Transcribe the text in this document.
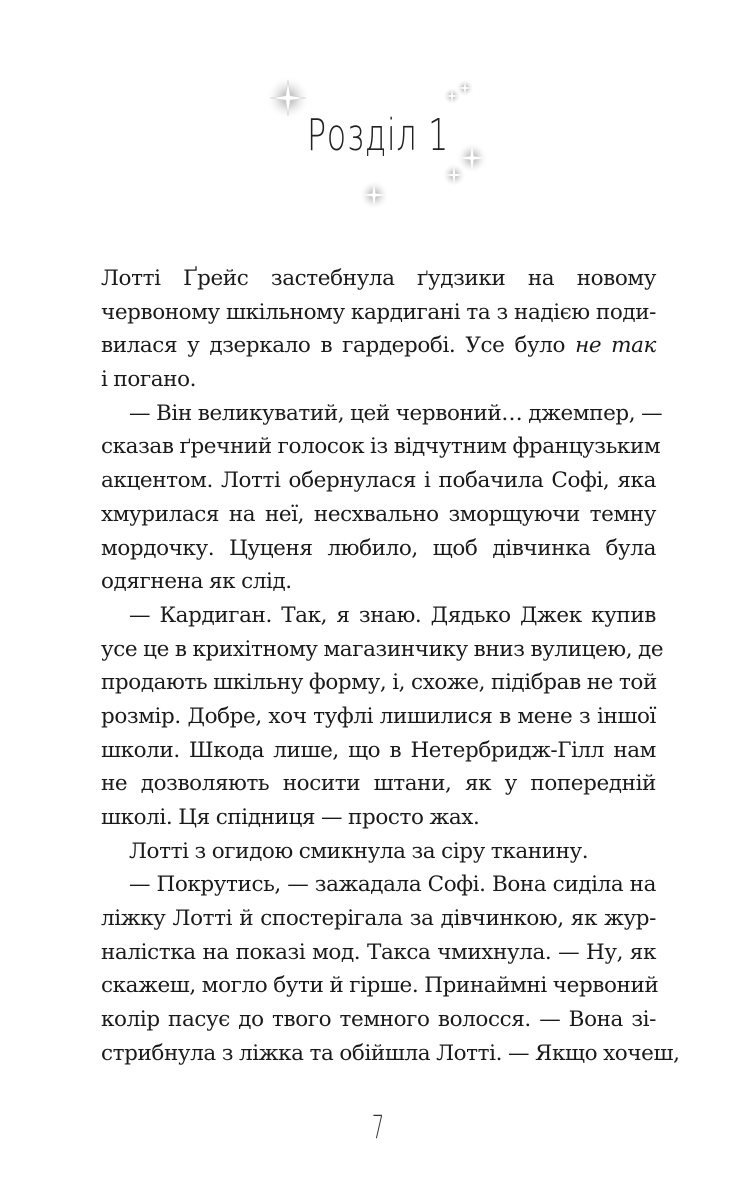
Розділ 1
Лотті Ґрейс застебнула ґудзики на новому
червоному шкільному кардигані та з надією поди-
вилася у дзеркало в гардеробі. Усе було не так
і погано.
— Він великуватий, цей червоний… джемпер, —
сказав ґречний голосок із відчутним французьким
акцентом. Лотті обернулася і побачила Софі, яка
хмурилася на неї, несхвально зморщуючи темну
мордочку. Цуценя любило, щоб дівчинка була
одягнена як слід.
— Кардиган. Так, я знаю. Дядько Джек купив
усе це в крихітному магазинчику вниз вулицею, де
продають шкільну форму, і, схоже, підібрав не той
розмір. Добре, хоч туфлі лишилися в мене з іншої
школи. Шкода лише, що в Нетербридж-Гілл нам
не дозволяють носити штани, як у попередній
школі. Ця спідниця — просто жах.
Лотті з огидою смикнула за сіру тканину.
— Покрутись, — зажадала Софі. Вона сиділа на
ліжку Лотті й спостерігала за дівчинкою, як жур-
налістка на показі мод. Такса чмихнула. — Ну, як
скажеш, могло бути й гірше. Принаймні червоний
колір пасує до твого темного волосся. — Вона зі-
стрибнула з ліжка та обійшла Лотті. — Якщо хочеш,
7
